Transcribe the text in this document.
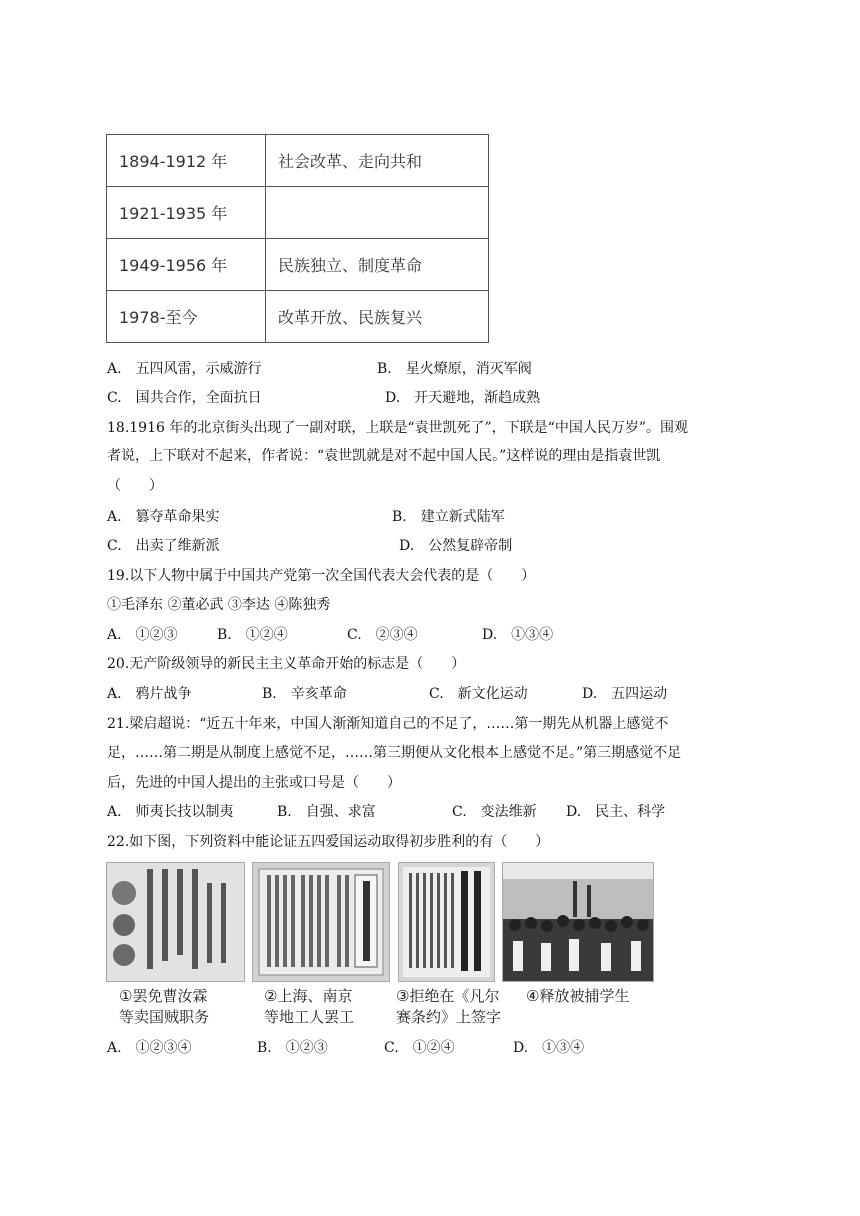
1894-1912 年	社会改革、走向共和
1921-1935 年	
1949-1956 年	民族独立、制度革命
1978-至今	改革开放、民族复兴
A.　五四风雷，示威游行	B.　星火燎原，消灭军阀
C.　国共合作，全面抗日	D.　开天避地，渐趋成熟
18.1916 年的北京街头出现了一副对联，上联是“袁世凯死了”，下联是“中国人民万岁”。围观
者说，上下联对不起来，作者说：“袁世凯就是对不起中国人民。”这样说的理由是指袁世凯
（　　）
A.　篡夺革命果实	B.　建立新式陆军
C.　出卖了维新派	D.　公然复辟帝制
19.以下人物中属于中国共产党第一次全国代表大会代表的是（　　）
①毛泽东 ②董必武 ③李达 ④陈独秀
A.　①②③	B.　①②④	C.　②③④	D.　①③④
20.无产阶级领导的新民主主义革命开始的标志是（　　）
A.　鸦片战争	B.　辛亥革命	C.　新文化运动	D.　五四运动
21.梁启超说：“近五十年来，中国人渐渐知道自己的不足了，……第一期先从机器上感觉不
足，……第二期是从制度上感觉不足，……第三期便从文化根本上感觉不足。”第三期感觉不足
后，先进的中国人提出的主张或口号是（　　）
A.　师夷长技以制夷	B.　自强、求富	C.　变法维新 D.　民主、科学
22.如下图，下列资料中能论证五四爱国运动取得初步胜利的有（　　）
①罢免曹汝霖
等卖国贼职务
②上海、南京
等地工人罢工
③拒绝在《凡尔
赛条约》上签字
④释放被捕学生
A.　①②③④	B.　①②③	C.　①②④	D.　①③④
